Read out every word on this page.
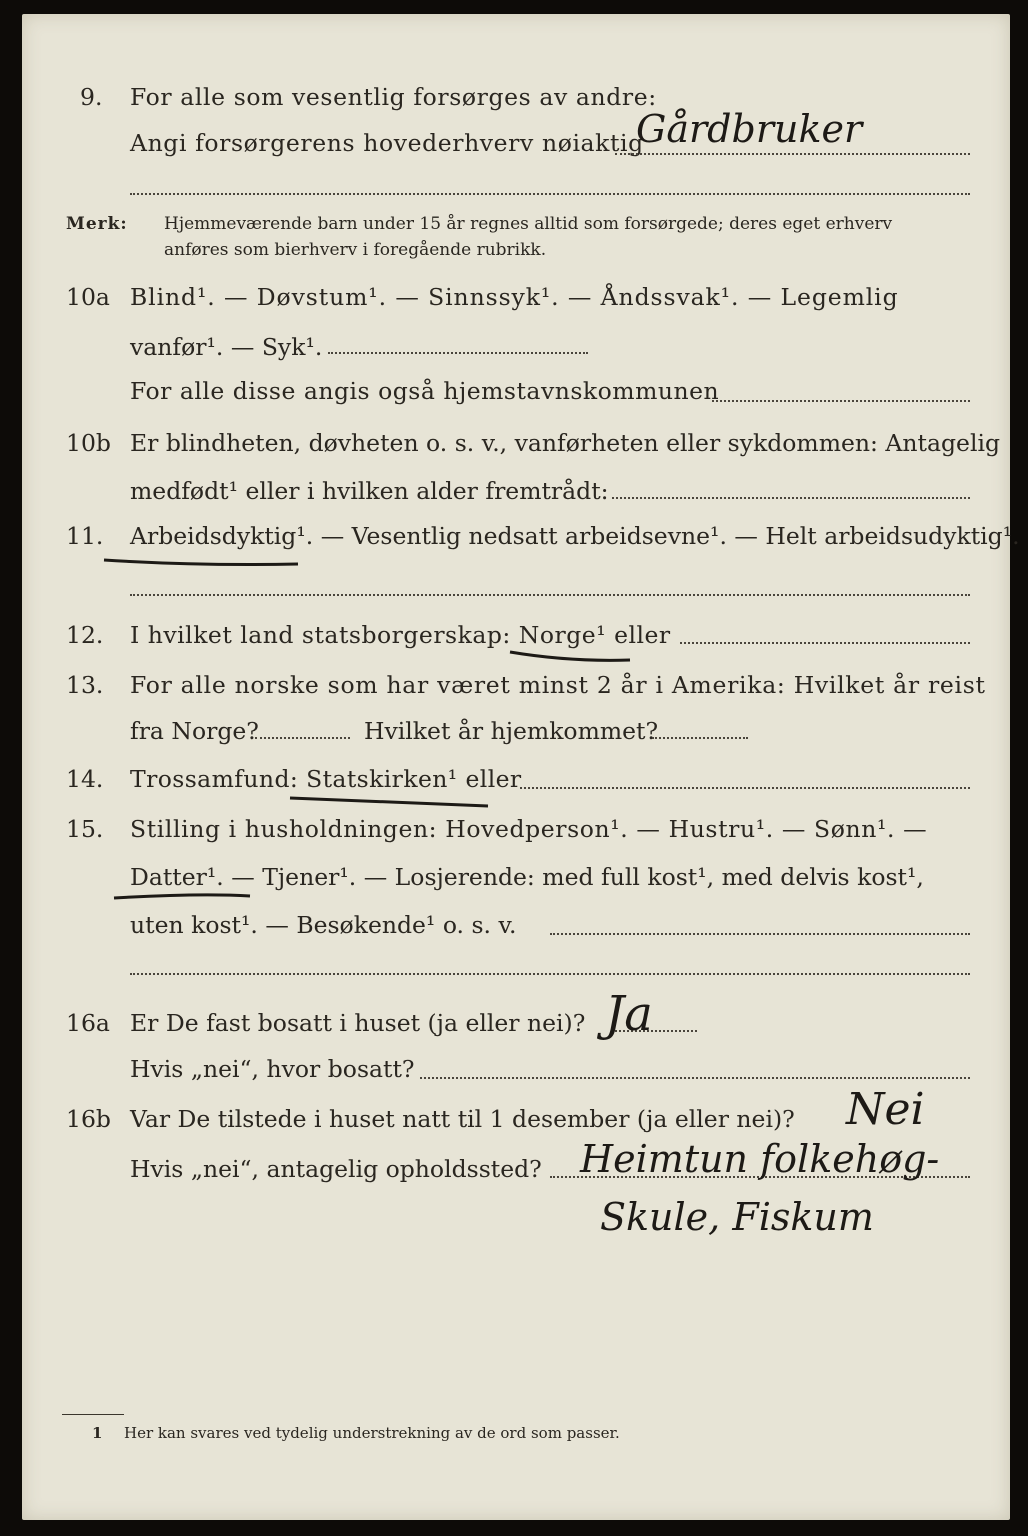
9. For alle som vesentlig forsørges av andre:
Angi forsørgerens hovederhverv nøiaktig
Gårdbruker
Merk: Hjemmeværende barn under 15 år regnes alltid som forsørgede; deres eget erhverv
anføres som bierhverv i foregående rubrikk.
10a Blind¹. — Døvstum¹. — Sinnssyk¹. — Åndssvak¹. — Legemlig
vanfør¹. — Syk¹.
For alle disse angis også hjemstavnskommunen
10b Er blindheten, døvheten o. s. v., vanførheten eller sykdommen: Antagelig
medfødt¹ eller i hvilken alder fremtrådt:
11. Arbeidsdyktig¹. — Vesentlig nedsatt arbeidsevne¹. — Helt arbeidsudyktig¹.
12. I hvilket land statsborgerskap: Norge¹ eller
13. For alle norske som har været minst 2 år i Amerika: Hvilket år reist
fra Norge?	Hvilket år hjemkommet?
14. Trossamfund: Statskirken¹ eller
15. Stilling i husholdningen: Hovedperson¹. — Hustru¹. — Sønn¹. —
Datter¹. — Tjener¹. — Losjerende: med full kost¹, med delvis kost¹,
uten kost¹. — Besøkende¹ o. s. v.
16a Er De fast bosatt i huset (ja eller nei)? Ja
Hvis „nei“, hvor bosatt?
16b Var De tilstede i huset natt til 1 desember (ja eller nei)? Nei
Hvis „nei“, antagelig opholdssted? Heimtun folkehøg-
Skule, Fiskum
1 Her kan svares ved tydelig understrekning av de ord som passer.
